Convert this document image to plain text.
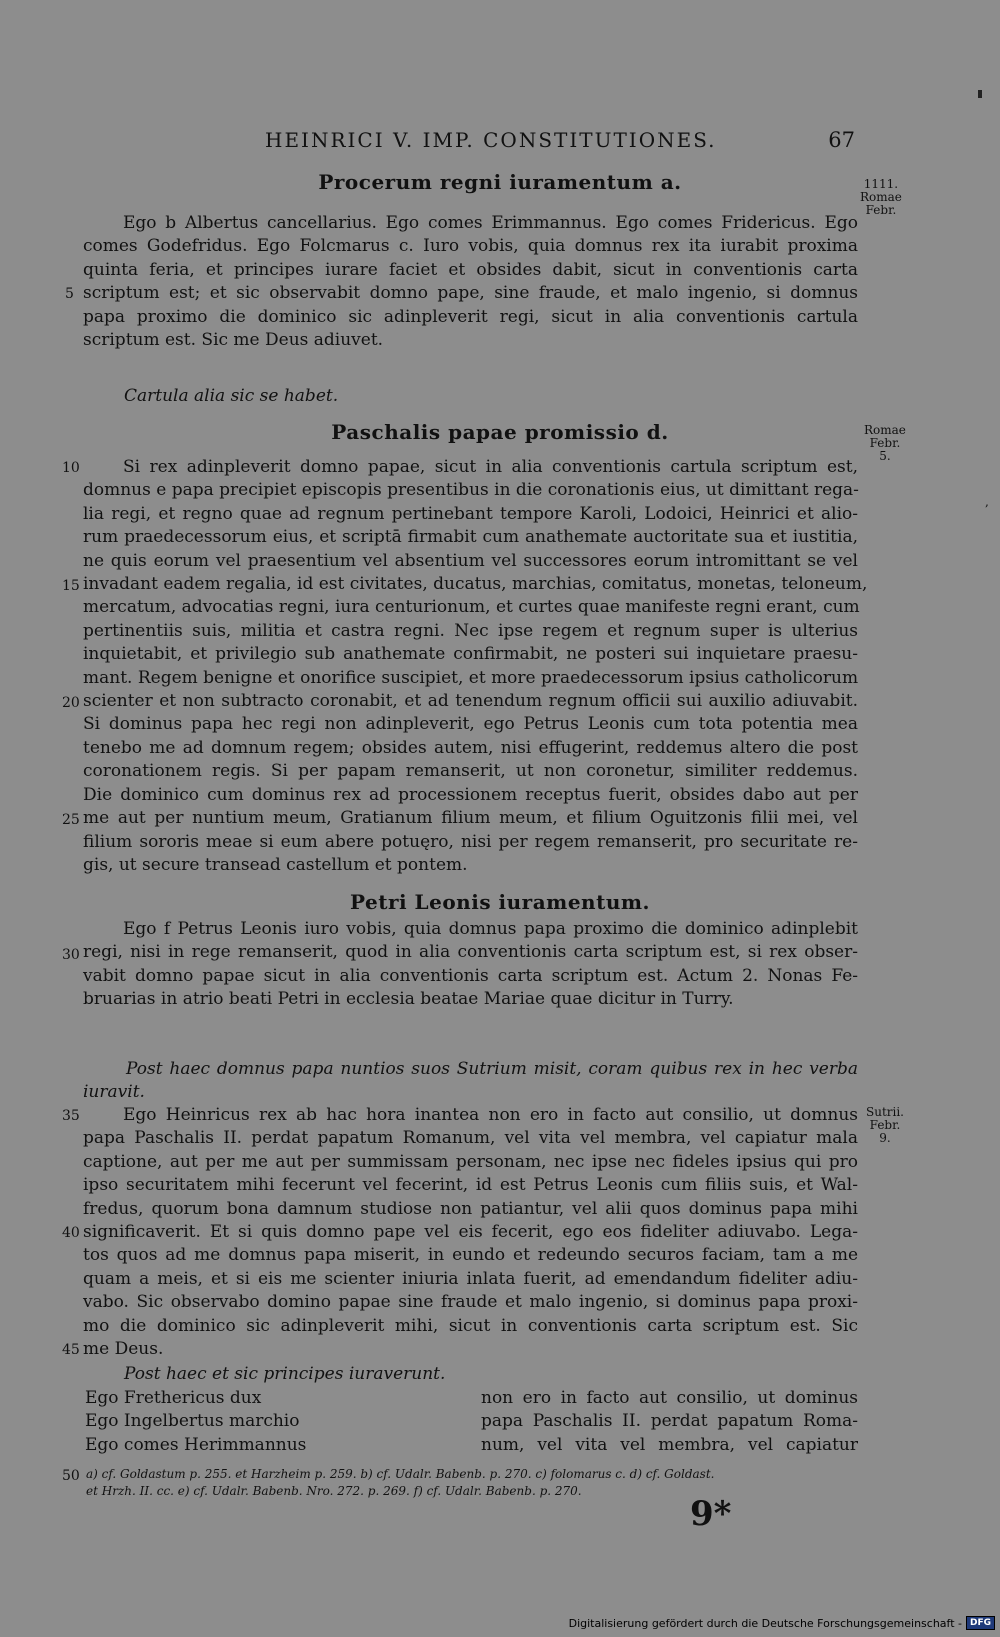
HEINRICI V. IMP. CONSTITUTIONES.	67
1111.
Romae
Febr.
Romae
Febr.
5.
Sutrii.
Febr.
9.
Procerum regni iuramentum a.
Ego b Albertus cancellarius. Ego comes Erimmannus. Ego comes Fridericus. Ego
comes Godefridus. Ego Folcmarus c. Iuro vobis, quia domnus rex ita iurabit proxima
quinta feria, et principes iurare faciet et obsides dabit, sicut in conventionis carta
scriptum est; et sic observabit domno pape, sine fraude, et malo ingenio, si domnus
papa proximo die dominico sic adinpleverit regi, sicut in alia conventionis cartula
scriptum est. Sic me Deus adiuvet.
Cartula alia sic se habet.
Paschalis papae promissio d.
Si rex adinpleverit domno papae, sicut in alia conventionis cartula scriptum est,
domnus e papa precipiet episcopis presentibus in die coronationis eius, ut dimittant rega-
lia regi, et regno quae ad regnum pertinebant tempore Karoli, Lodoici, Heinrici et alio-
rum praedecessorum eius, et scriptā firmabit cum anathemate auctoritate sua et iustitia,
ne quis eorum vel praesentium vel absentium vel successores eorum intromittant se vel
invadant eadem regalia, id est civitates, ducatus, marchias, comitatus, monetas, teloneum,
mercatum, advocatias regni, iura centurionum, et curtes quae manifeste regni erant, cum
pertinentiis suis, militia et castra regni. Nec ipse regem et regnum super is ulterius
inquietabit, et privilegio sub anathemate confirmabit, ne posteri sui inquietare praesu-
mant. Regem benigne et onorifice suscipiet, et more praedecessorum ipsius catholicorum
scienter et non subtracto coronabit, et ad tenendum regnum officii sui auxilio adiuvabit.
Si dominus papa hec regi non adinpleverit, ego Petrus Leonis cum tota potentia mea
tenebo me ad domnum regem; obsides autem, nisi effugerint, reddemus altero die post
coronationem regis. Si per papam remanserit, ut non coronetur, similiter reddemus.
Die dominico cum dominus rex ad processionem receptus fuerit, obsides dabo aut per
me aut per nuntium meum, Gratianum filium meum, et filium Oguitzonis filii mei, vel
filium sororis meae si eum abere potuęro, nisi per regem remanserit, pro securitate re-
gis, ut secure transead castellum et pontem.
Petri Leonis iuramentum.
Ego f Petrus Leonis iuro vobis, quia domnus papa proximo die dominico adinplebit
regi, nisi in rege remanserit, quod in alia conventionis carta scriptum est, si rex obser-
vabit domno papae sicut in alia conventionis carta scriptum est. Actum 2. Nonas Fe-
bruarias in atrio beati Petri in ecclesia beatae Mariae quae dicitur in Turry.
Post haec domnus papa nuntios suos Sutrium misit, coram quibus rex in hec verba
iuravit.
Ego Heinricus rex ab hac hora inantea non ero in facto aut consilio, ut domnus
papa Paschalis II. perdat papatum Romanum, vel vita vel membra, vel capiatur mala
captione, aut per me aut per summissam personam, nec ipse nec fideles ipsius qui pro
ipso securitatem mihi fecerunt vel fecerint, id est Petrus Leonis cum filiis suis, et Wal-
fredus, quorum bona damnum studiose non patiantur, vel alii quos dominus papa mihi
significaverit. Et si quis domno pape vel eis fecerit, ego eos fideliter adiuvabo. Lega-
tos quos ad me domnus papa miserit, in eundo et redeundo securos faciam, tam a me
quam a meis, et si eis me scienter iniuria inlata fuerit, ad emendandum fideliter adiu-
vabo. Sic observabo domino papae sine fraude et malo ingenio, si dominus papa proxi-
mo die dominico sic adinpleverit mihi, sicut in conventionis carta scriptum est. Sic
me Deus.
Post haec et sic principes iuraverunt.
Ego Frethericus dux
Ego Ingelbertus marchio
Ego comes Herimmannus
non ero in facto aut consilio, ut dominus
papa Paschalis II. perdat papatum Roma-
num, vel vita vel membra, vel capiatur
5
10
15
20
25
30
35
40
45
50 a) cf. Goldastum p. 255. et Harzheim p. 259. b) cf. Udalr. Babenb. p. 270. c) folomarus c. d) cf. Goldast.
et Hrzh. II. cc. e) cf. Udalr. Babenb. Nro. 272. p. 269. f) cf. Udalr. Babenb. p. 270.
9*
,
Digitalisierung gefördert durch die Deutsche Forschungsgemeinschaft - DFG
